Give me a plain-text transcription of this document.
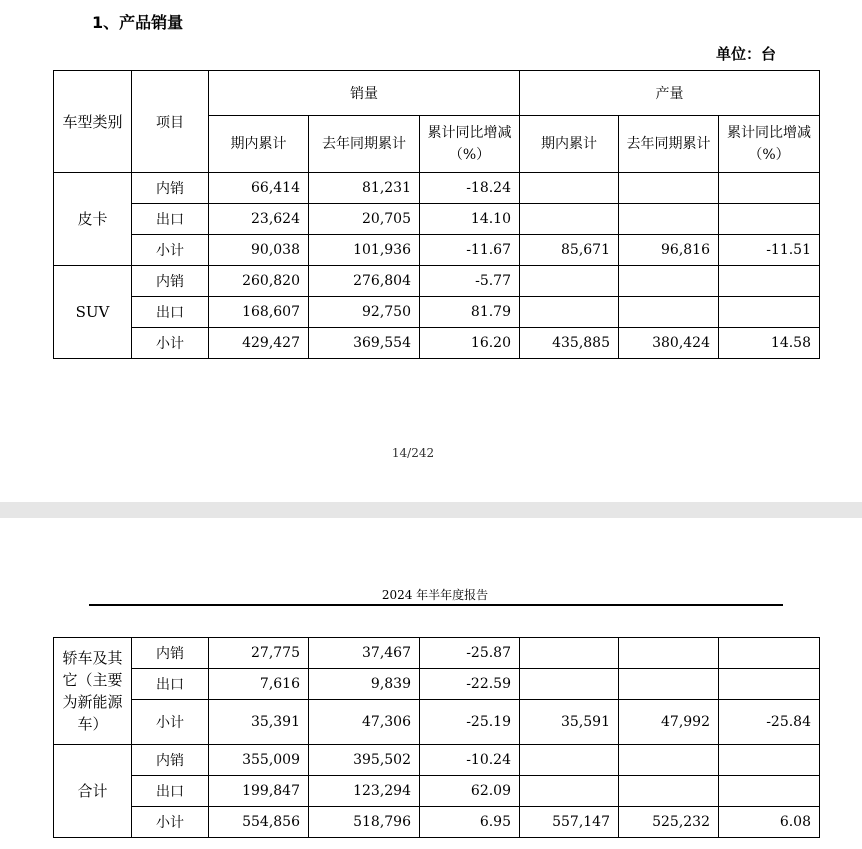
1、产品销量
单位：台
车型类别	项目	销量			产量		
		期内累计	去年同期累计	累计同比增减（%）	期内累计	去年同期累计	累计同比增减（%）
皮卡	内销	66,414	81,231	-18.24			
	出口	23,624	20,705	14.10			
	小计	90,038	101,936	-11.67	85,671	96,816	-11.51
SUV	内销	260,820	276,804	-5.77			
	出口	168,607	92,750	81.79			
	小计	429,427	369,554	16.20	435,885	380,424	14.58
14/242
2024 年半年度报告
轿车及其它（主要为新能源车）	内销	27,775	37,467	-25.87			
	出口	7,616	9,839	-22.59			
	小计	35,391	47,306	-25.19	35,591	47,992	-25.84
合计	内销	355,009	395,502	-10.24			
	出口	199,847	123,294	62.09			
	小计	554,856	518,796	6.95	557,147	525,232	6.08
